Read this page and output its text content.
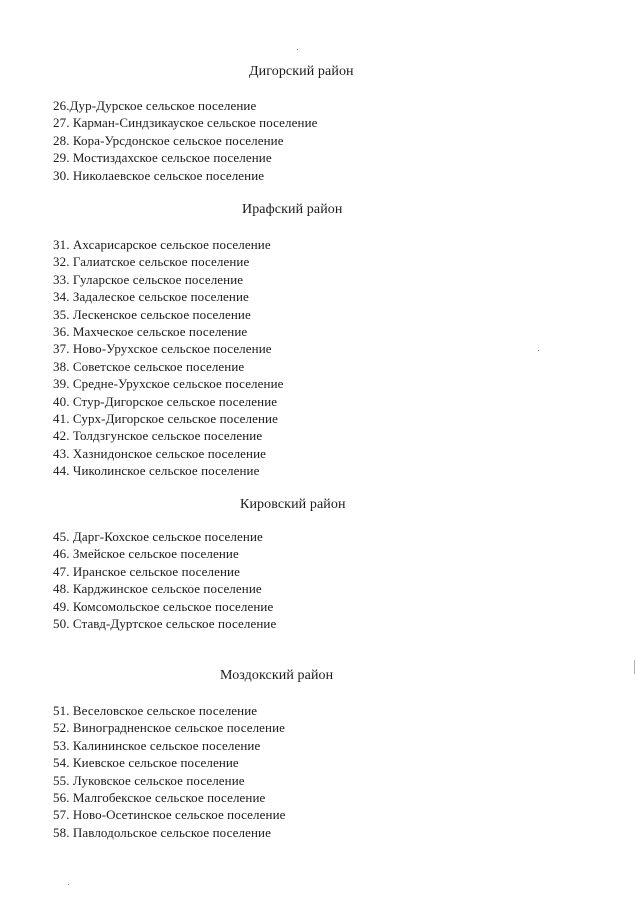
Дигорский район
26.Дур-Дурское сельское поселение
27. Карман-Синдзикауское сельское поселение
28. Кора-Урсдонское сельское поселение
29. Мостиздахское сельское поселение
30. Николаевское сельское поселение
Ирафский район
31. Ахсарисарское сельское поселение
32. Галиатское сельское поселение
33. Гуларское сельское поселение
34. Задалеское сельское поселение
35. Лескенское сельское поселение
36. Махческое сельское поселение
37. Ново-Урухское сельское поселение
38. Советское сельское поселение
39. Средне-Урухское сельское поселение
40. Стур-Дигорское сельское поселение
41. Сурх-Дигорское сельское поселение
42. Толдзгунское сельское поселение
43. Хазнидонское сельское поселение
44. Чиколинское сельское поселение
Кировский район
45. Дарг-Кохское сельское поселение
46. Змейское сельское поселение
47. Иранское сельское поселение
48. Карджинское сельское поселение
49. Комсомольское сельское поселение
50. Ставд-Дуртское сельское поселение
Моздокский район
51. Веселовское сельское поселение
52. Виноградненское сельское поселение
53. Калининское сельское поселение
54. Киевское сельское поселение
55. Луковское сельское поселение
56. Малгобекское сельское поселение
57. Ново-Осетинское сельское поселение
58. Павлодольское сельское поселение
